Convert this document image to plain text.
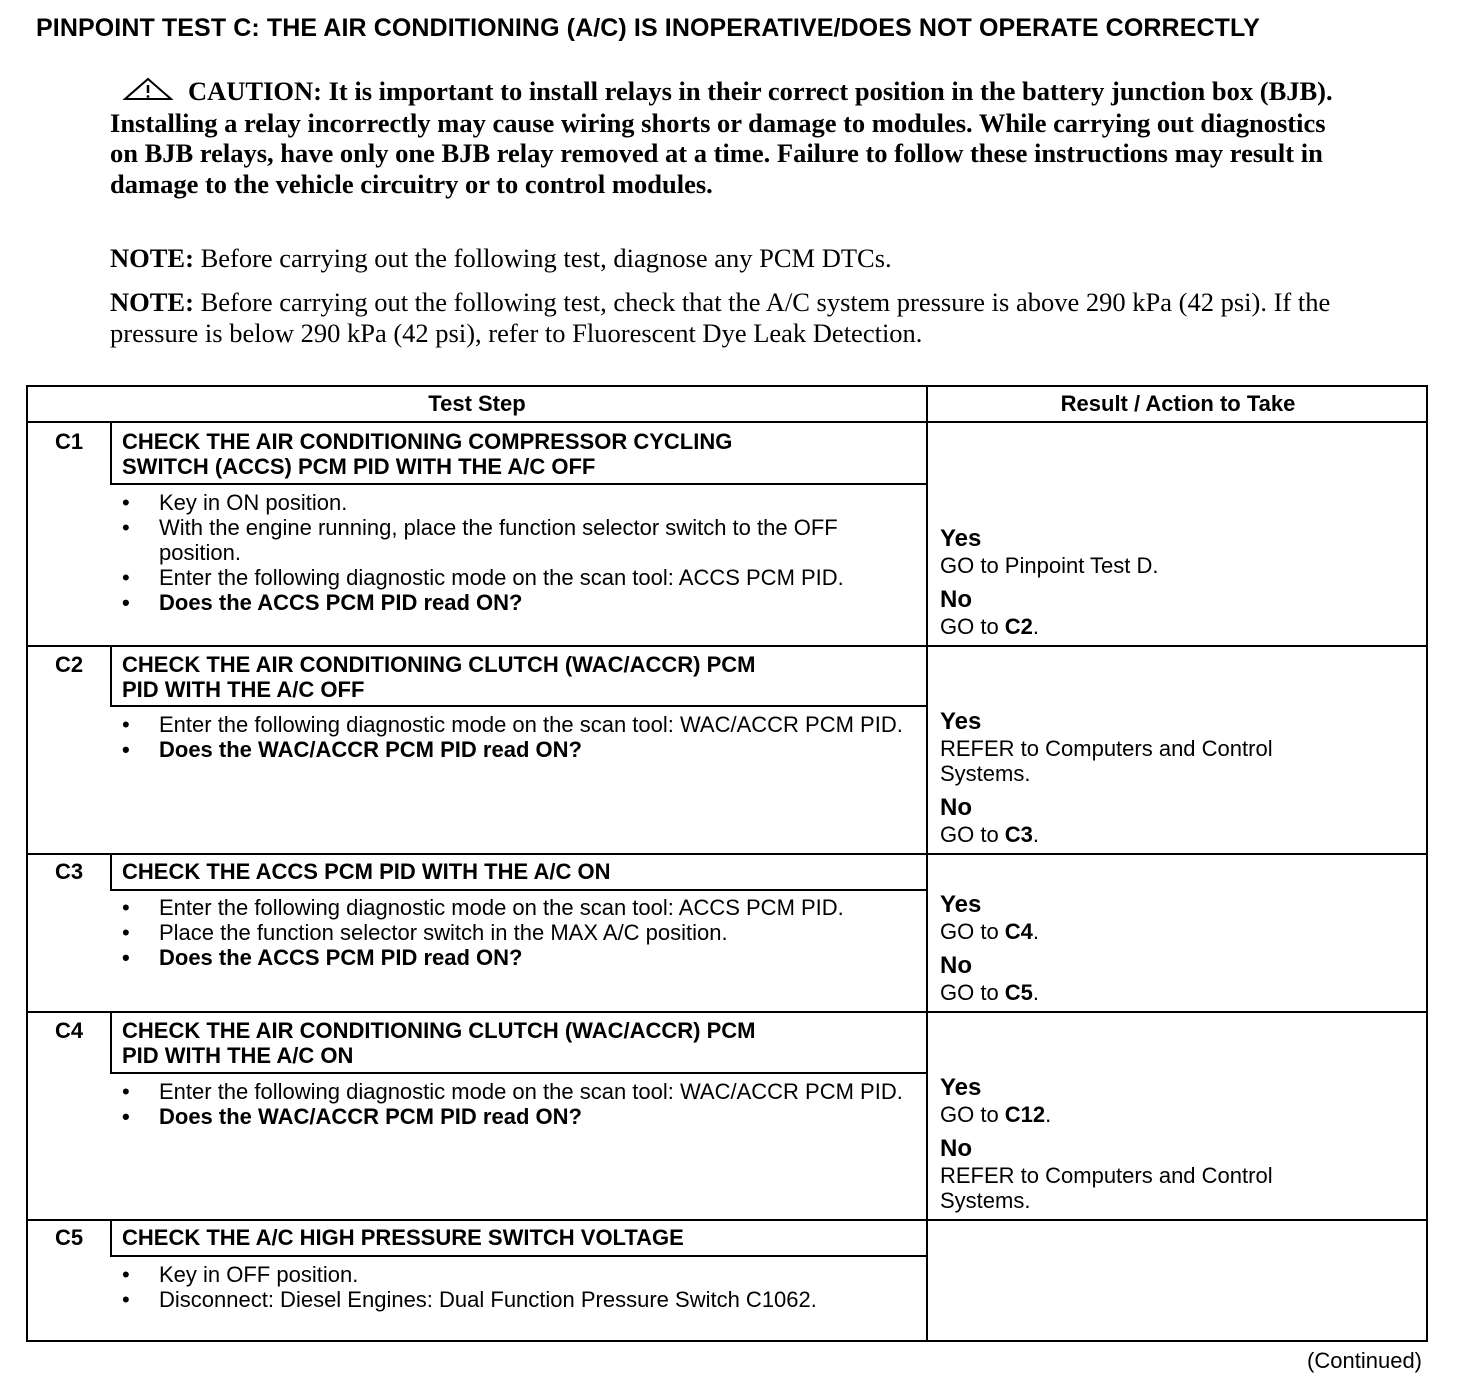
PINPOINT TEST C: THE AIR CONDITIONING (A/C) IS INOPERATIVE/DOES NOT OPERATE CORRECTLY
CAUTION: It is important to install relays in their correct position in the battery junction box (BJB). Installing a relay incorrectly may cause wiring shorts or damage to modules. While carrying out diagnostics on BJB relays, have only one BJB relay removed at a time. Failure to follow these instructions may result in damage to the vehicle circuitry or to control modules.
NOTE: Before carrying out the following test, diagnose any PCM DTCs.
NOTE: Before carrying out the following test, check that the A/C system pressure is above 290 kPa (42 psi). If the pressure is below 290 kPa (42 psi), refer to Fluorescent Dye Leak Detection.
Test Step	Result / Action to Take
C1	CHECK THE AIR CONDITIONING COMPRESSOR CYCLING
SWITCH (ACCS) PCM PID WITH THE A/C OFF
• Key in ON position.
• With the engine running, place the function selector switch to the OFF position.
• Enter the following diagnostic mode on the scan tool: ACCS PCM PID.
• Does the ACCS PCM PID read ON?
Yes
GO to Pinpoint Test D.
No
GO to C2.
C2	CHECK THE AIR CONDITIONING CLUTCH (WAC/ACCR) PCM
PID WITH THE A/C OFF
• Enter the following diagnostic mode on the scan tool: WAC/ACCR PCM PID.
• Does the WAC/ACCR PCM PID read ON?
Yes
REFER to Computers and Control Systems.
No
GO to C3.
C3	CHECK THE ACCS PCM PID WITH THE A/C ON
• Enter the following diagnostic mode on the scan tool: ACCS PCM PID.
• Place the function selector switch in the MAX A/C position.
• Does the ACCS PCM PID read ON?
Yes
GO to C4.
No
GO to C5.
C4	CHECK THE AIR CONDITIONING CLUTCH (WAC/ACCR) PCM
PID WITH THE A/C ON
• Enter the following diagnostic mode on the scan tool: WAC/ACCR PCM PID.
• Does the WAC/ACCR PCM PID read ON?
Yes
GO to C12.
No
REFER to Computers and Control Systems.
C5	CHECK THE A/C HIGH PRESSURE SWITCH VOLTAGE
• Key in OFF position.
• Disconnect: Diesel Engines: Dual Function Pressure Switch C1062.
(Continued)
